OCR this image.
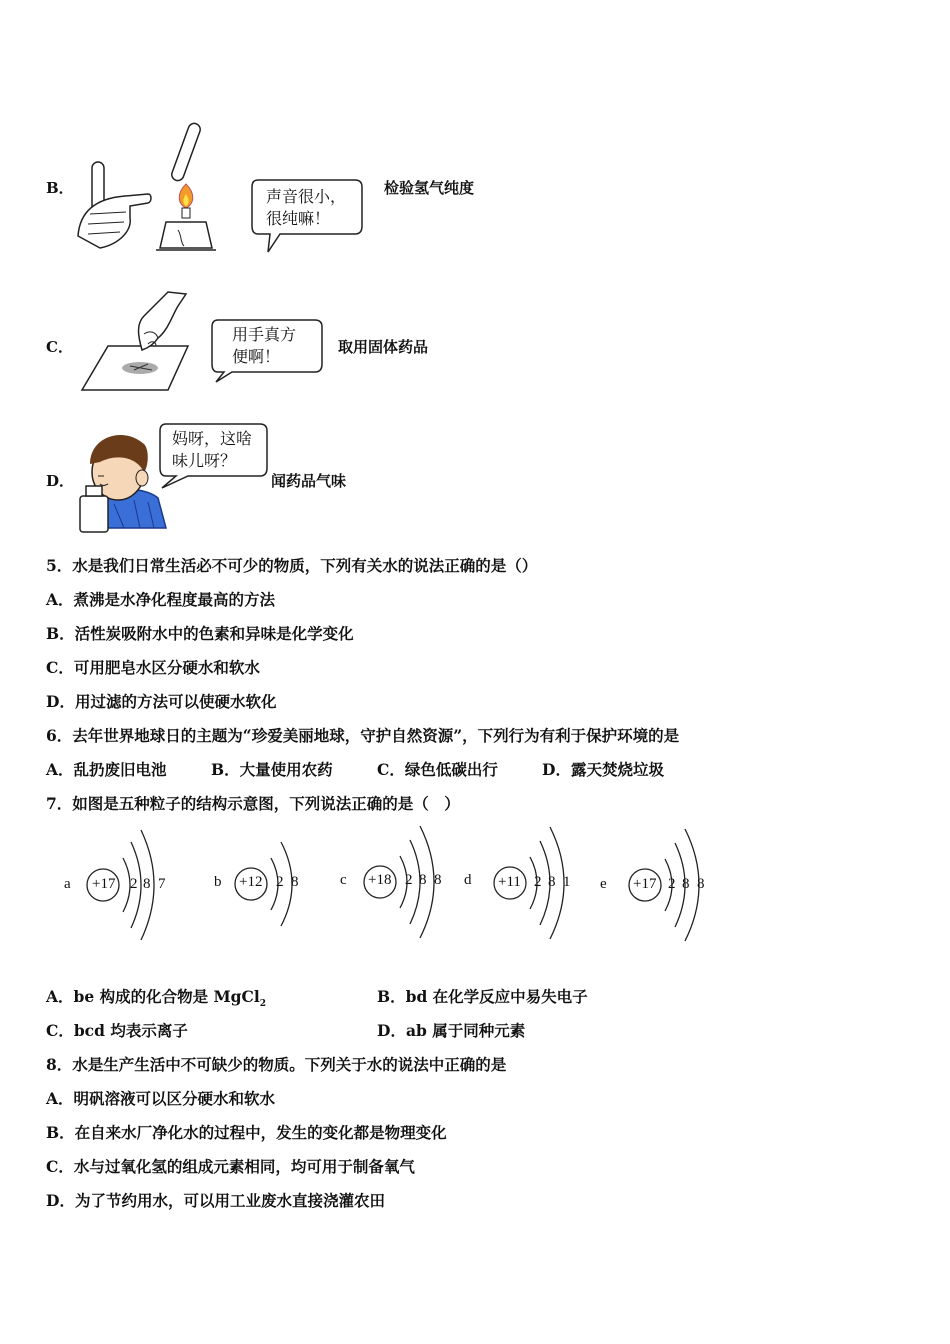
B．	声音很小，
很纯嘛！
检验氢气纯度
C．
用手真方
便啊！	取用固体药品
D．
妈呀，这啥
味儿呀？
闻药品气味
5．水是我们日常生活必不可少的物质，下列有关水的说法正确的是（）
A．煮沸是水净化程度最高的方法
B．活性炭吸附水中的色素和异味是化学变化
C．可用肥皂水区分硬水和软水
D．用过滤的方法可以使硬水软化
6．去年世界地球日的主题为“珍爱美丽地球，守护自然资源”，下列行为有利于保护环境的是
A．乱扔废旧电池	B．大量使用农药	C．绿色低碳出行	D．露天焚烧垃圾
7．如图是五种粒子的结构示意图，下列说法正确的是（　）
a +17 2 8 7	b +12 2 8	c +18 2 8 8 d +11 2 8 1 e +17 2 8 8
A．be 构成的化合物是 MgCl$_2$	B．bd 在化学反应中易失电子
C．bcd 均表示离子	D．ab 属于同种元素
8．水是生产生活中不可缺少的物质。下列关于水的说法中正确的是
A．明矾溶液可以区分硬水和软水
B．在自来水厂净化水的过程中，发生的变化都是物理变化
C．水与过氧化氢的组成元素相同，均可用于制备氧气
D．为了节约用水，可以用工业废水直接浇灌农田
